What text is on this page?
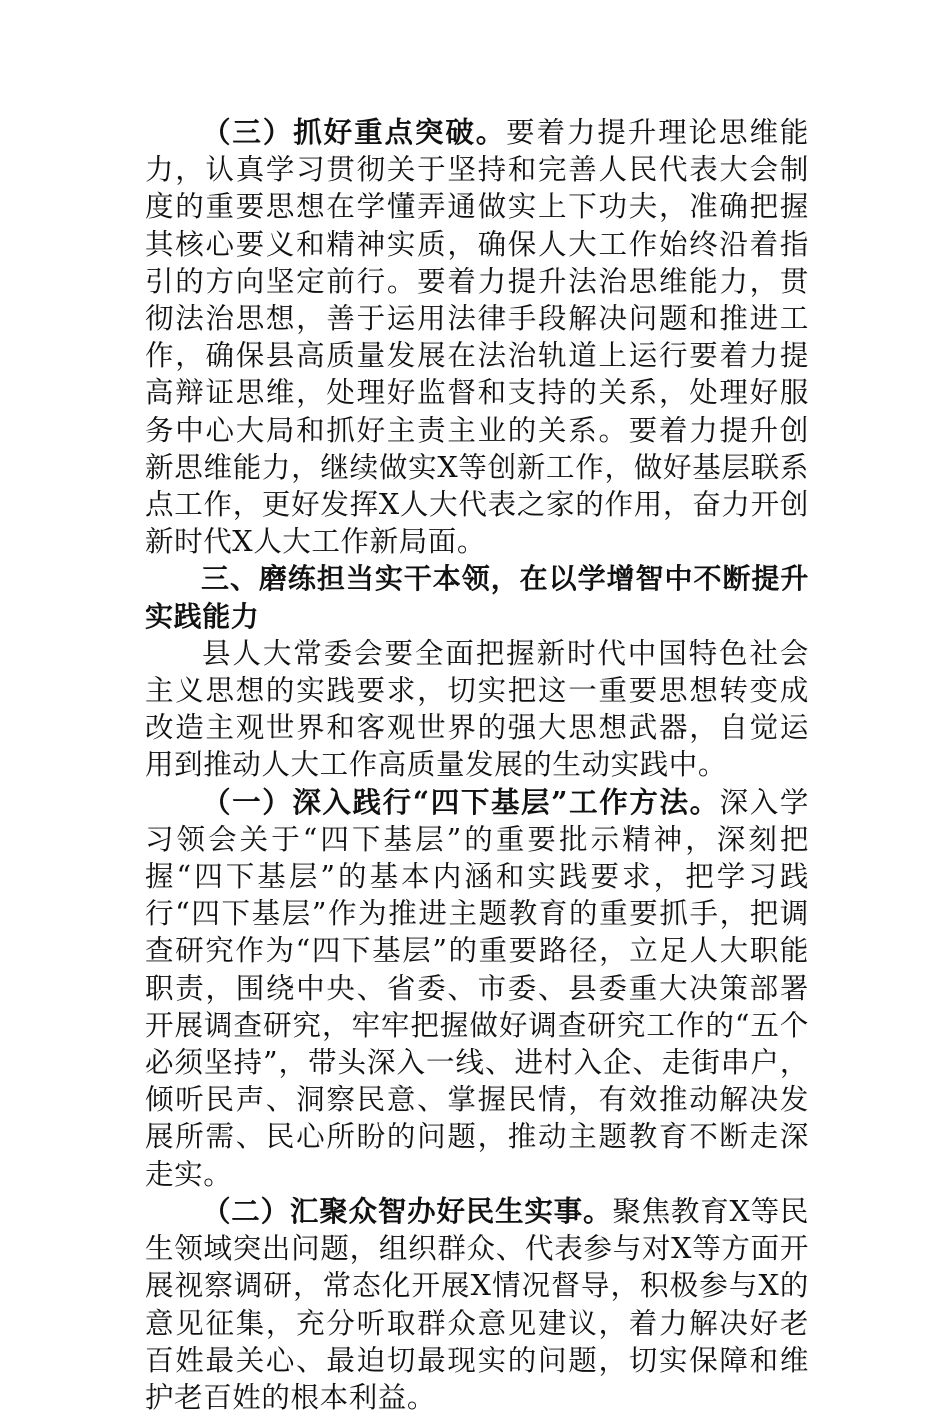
（三）抓好重点突破。要着力提升理论思维能力，认真学习贯彻关于坚持和完善人民代表大会制度的重要思想在学懂弄通做实上下功夫，准确把握其核心要义和精神实质，确保人大工作始终沿着指引的方向坚定前行。要着力提升法治思维能力，贯彻法治思想，善于运用法律手段解决问题和推进工作，确保县高质量发展在法治轨道上运行要着力提高辩证思维，处理好监督和支持的关系，处理好服务中心大局和抓好主责主业的关系。要着力提升创新思维能力，继续做实X等创新工作，做好基层联系点工作，更好发挥X人大代表之家的作用，奋力开创新时代X人大工作新局面。

三、磨练担当实干本领，在以学增智中不断提升实践能力

县人大常委会要全面把握新时代中国特色社会主义思想的实践要求，切实把这一重要思想转变成改造主观世界和客观世界的强大思想武器，自觉运用到推动人大工作高质量发展的生动实践中。

（一）深入践行“四下基层”工作方法。深入学习领会关于“四下基层”的重要批示精神，深刻把握“四下基层”的基本内涵和实践要求，把学习践行“四下基层”作为推进主题教育的重要抓手，把调查研究作为“四下基层”的重要路径，立足人大职能职责，围绕中央、省委、市委、县委重大决策部署开展调查研究，牢牢把握做好调查研究工作的“五个必须坚持”，带头深入一线、进村入企、走街串户，倾听民声、洞察民意、掌握民情，有效推动解决发展所需、民心所盼的问题，推动主题教育不断走深走实。

（二）汇聚众智办好民生实事。聚焦教育X等民生领域突出问题，组织群众、代表参与对X等方面开展视察调研，常态化开展X情况督导，积极参与X的意见征集，充分听取群众意见建议，着力解决好老百姓最关心、最迫切最现实的问题，切实保障和维护老百姓的根本利益。
